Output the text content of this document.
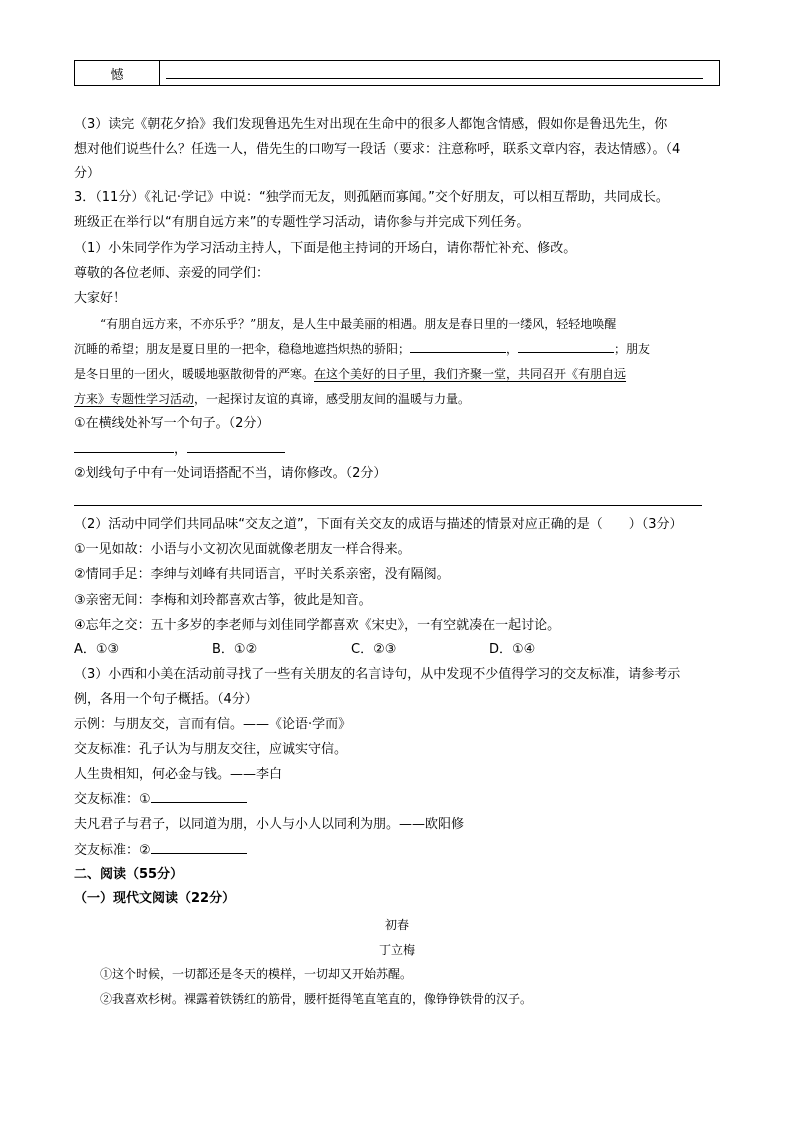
憾
（3）读完《朝花夕拾》我们发现鲁迅先生对出现在生命中的很多人都饱含情感，假如你是鲁迅先生，你
想对他们说些什么？任选一人，借先生的口吻写一段话（要求：注意称呼，联系文章内容，表达情感）。（4
分）
3．（11分）《礼记·学记》中说：“独学而无友，则孤陋而寡闻。”交个好朋友，可以相互帮助，共同成长。
班级正在举行以“有朋自远方来”的专题性学习活动，请你参与并完成下列任务。
（1）小朱同学作为学习活动主持人，下面是他主持词的开场白，请你帮忙补充、修改。
尊敬的各位老师、亲爱的同学们：
大家好！
“有朋自远方来，不亦乐乎？”朋友，是人生中最美丽的相遇。朋友是春日里的一缕风，轻轻地唤醒
沉睡的希望；朋友是夏日里的一把伞，稳稳地遮挡炽热的骄阳；	，	；朋友
是冬日里的一团火，暖暖地驱散彻骨的严寒。在这个美好的日子里，我们齐聚一堂，共同召开《有朋自远
方来》专题性学习活动，一起探讨友谊的真谛，感受朋友间的温暖与力量。
①在横线处补写一个句子。（2分）
，
②划线句子中有一处词语搭配不当，请你修改。（2分）
（2）活动中同学们共同品味“交友之道”，下面有关交友的成语与描述的情景对应正确的是（　　）（3分）
①一见如故：小语与小文初次见面就像老朋友一样合得来。
②情同手足：李绅与刘峰有共同语言，平时关系亲密，没有隔阂。
③亲密无间：李梅和刘玲都喜欢古筝，彼此是知音。
④忘年之交：五十多岁的李老师与刘佳同学都喜欢《宋史》，一有空就凑在一起讨论。
A．①③	B．①②	C．②③	D．①④
（3）小西和小美在活动前寻找了一些有关朋友的名言诗句，从中发现不少值得学习的交友标准，请参考示
例，各用一个句子概括。（4分）
示例：与朋友交，言而有信。——《论语·学而》
交友标准：孔子认为与朋友交往，应诚实守信。
人生贵相知，何必金与钱。——李白
交友标准：①
夫凡君子与君子，以同道为朋，小人与小人以同利为朋。——欧阳修
交友标准：②
二、阅读（55分）
（一）现代文阅读（22分）
初春
丁立梅
①这个时候，一切都还是冬天的模样，一切却又开始苏醒。
②我喜欢杉树。裸露着铁锈红的筋骨，腰杆挺得笔直笔直的，像铮铮铁骨的汉子。
